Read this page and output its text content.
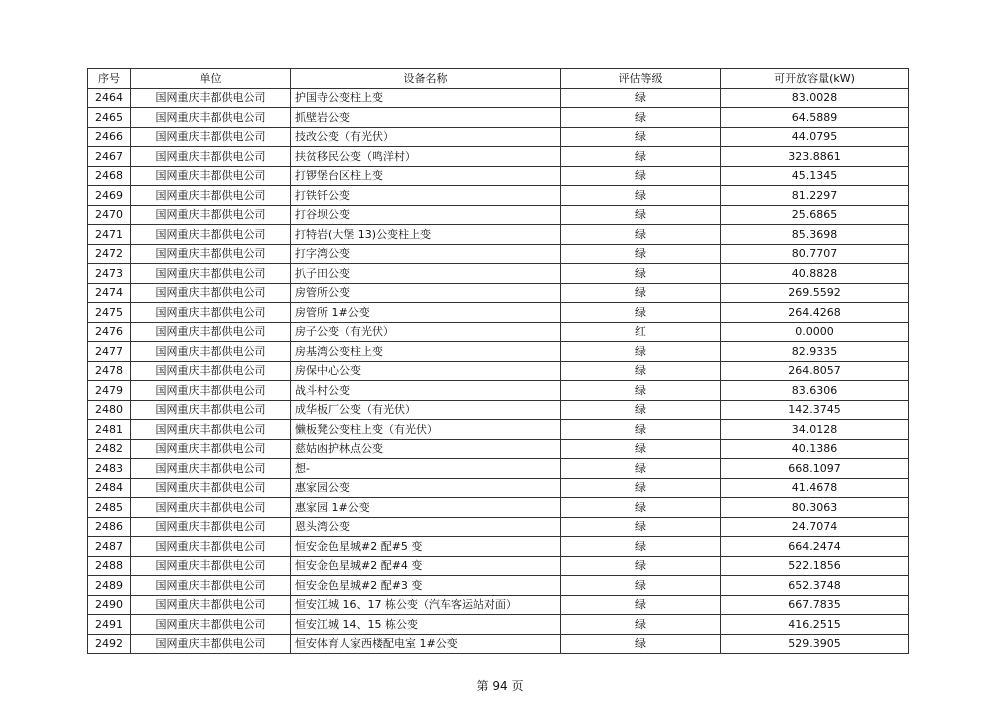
序号	单位	设备名称	评估等级	可开放容量(kW)
2464	国网重庆丰都供电公司	护国寺公变柱上变	绿	83.0028
2465	国网重庆丰都供电公司	抓壁岩公变	绿	64.5889
2466	国网重庆丰都供电公司	技改公变（有光伏）	绿	44.0795
2467	国网重庆丰都供电公司	扶贫移民公变（鸣洋村）	绿	323.8861
2468	国网重庆丰都供电公司	打锣堡台区柱上变	绿	45.1345
2469	国网重庆丰都供电公司	打铁钎公变	绿	81.2297
2470	国网重庆丰都供电公司	打谷坝公变	绿	25.6865
2471	国网重庆丰都供电公司	打特岩(大堡 13)公变柱上变	绿	85.3698
2472	国网重庆丰都供电公司	打字湾公变	绿	80.7707
2473	国网重庆丰都供电公司	扒子田公变	绿	40.8828
2474	国网重庆丰都供电公司	房管所公变	绿	269.5592
2475	国网重庆丰都供电公司	房管所 1#公变	绿	264.4268
2476	国网重庆丰都供电公司	房子公变（有光伏）	红	0.0000
2477	国网重庆丰都供电公司	房基湾公变柱上变	绿	82.9335
2478	国网重庆丰都供电公司	房保中心公变	绿	264.8057
2479	国网重庆丰都供电公司	战斗村公变	绿	83.6306
2480	国网重庆丰都供电公司	成华板厂公变（有光伏）	绿	142.3745
2481	国网重庆丰都供电公司	懒板凳公变柱上变（有光伏）	绿	34.0128
2482	国网重庆丰都供电公司	慈姑凼护林点公变	绿	40.1386
2483	国网重庆丰都供电公司	想-	绿	668.1097
2484	国网重庆丰都供电公司	惠家园公变	绿	41.4678
2485	国网重庆丰都供电公司	惠家园 1#公变	绿	80.3063
2486	国网重庆丰都供电公司	恩头湾公变	绿	24.7074
2487	国网重庆丰都供电公司	恒安金色星城#2 配#5 变	绿	664.2474
2488	国网重庆丰都供电公司	恒安金色星城#2 配#4 变	绿	522.1856
2489	国网重庆丰都供电公司	恒安金色星城#2 配#3 变	绿	652.3748
2490	国网重庆丰都供电公司	恒安江城 16、17 栋公变（汽车客运站对面）	绿	667.7835
2491	国网重庆丰都供电公司	恒安江城 14、15 栋公变	绿	416.2515
2492	国网重庆丰都供电公司	恒安体育人家西楼配电室 1#公变	绿	529.3905
第 94 页
